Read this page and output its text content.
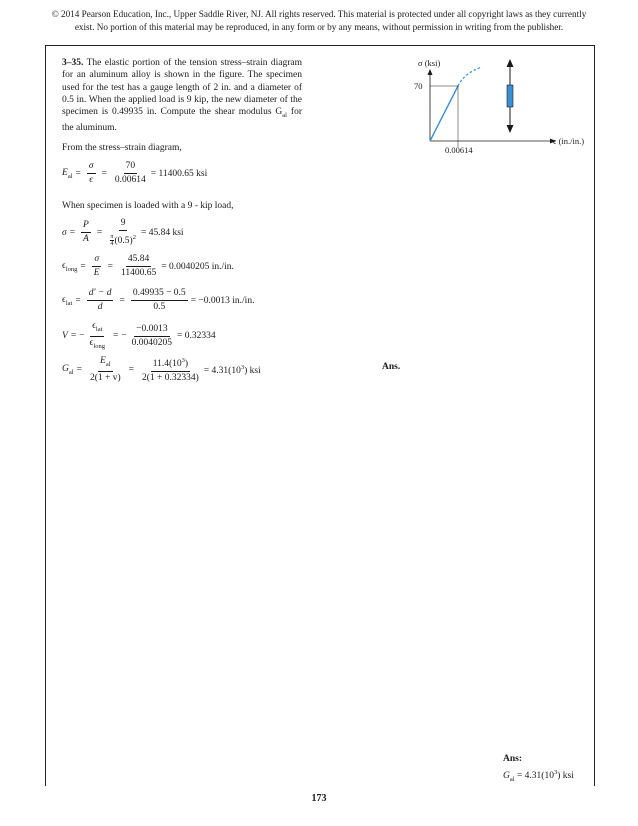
© 2014 Pearson Education, Inc., Upper Saddle River, NJ. All rights reserved. This material is protected under all copyright laws as they currently
exist. No portion of this material may be reproduced, in any form or by any means, without permission in writing from the publisher.
3–35. The elastic portion of the tension stress–strain diagram for an aluminum alloy is shown in the figure. The specimen used for the test has a gauge length of 2 in. and a diameter of 0.5 in. When the applied load is 9 kip, the new diameter of the specimen is 0.49935 in. Compute the shear modulus $G_{al}$ for the aluminum.
σ (ksi)
70
ϵ (in./in.)
0.00614
From the stress–strain diagram,
$E_{al} = \frac{\sigma}{\epsilon} = \frac{70}{0.00614} = 11400.65$ ksi
When specimen is loaded with a 9 - kip load,
$\sigma = \frac{P}{A} = \frac{9}{\frac{\pi}{4} (0.5)^2} = 45.84$ ksi
$\epsilon_{long} = \frac{\sigma}{E} = \frac{45.84}{11400.65} = 0.0040205$ in./in.
$\epsilon_{lat} = \frac{d' - d}{d} = \frac{0.49935 - 0.5}{0.5} = -0.0013$ in./in.
V = − $\frac{\epsilon_{lat}}{\epsilon_{long}}$ = − $\frac{-0.0013}{0.0040205} = 0.32334$
$G_{al} = \frac{E_{al}}{2(1 + v)} = \frac{11.4(10^3)}{2(1 + 0.32334)} = 4.31(10^3)$ ksi	Ans.
Ans:
$G_{al} = 4.31(10^3)$ ksi
173
